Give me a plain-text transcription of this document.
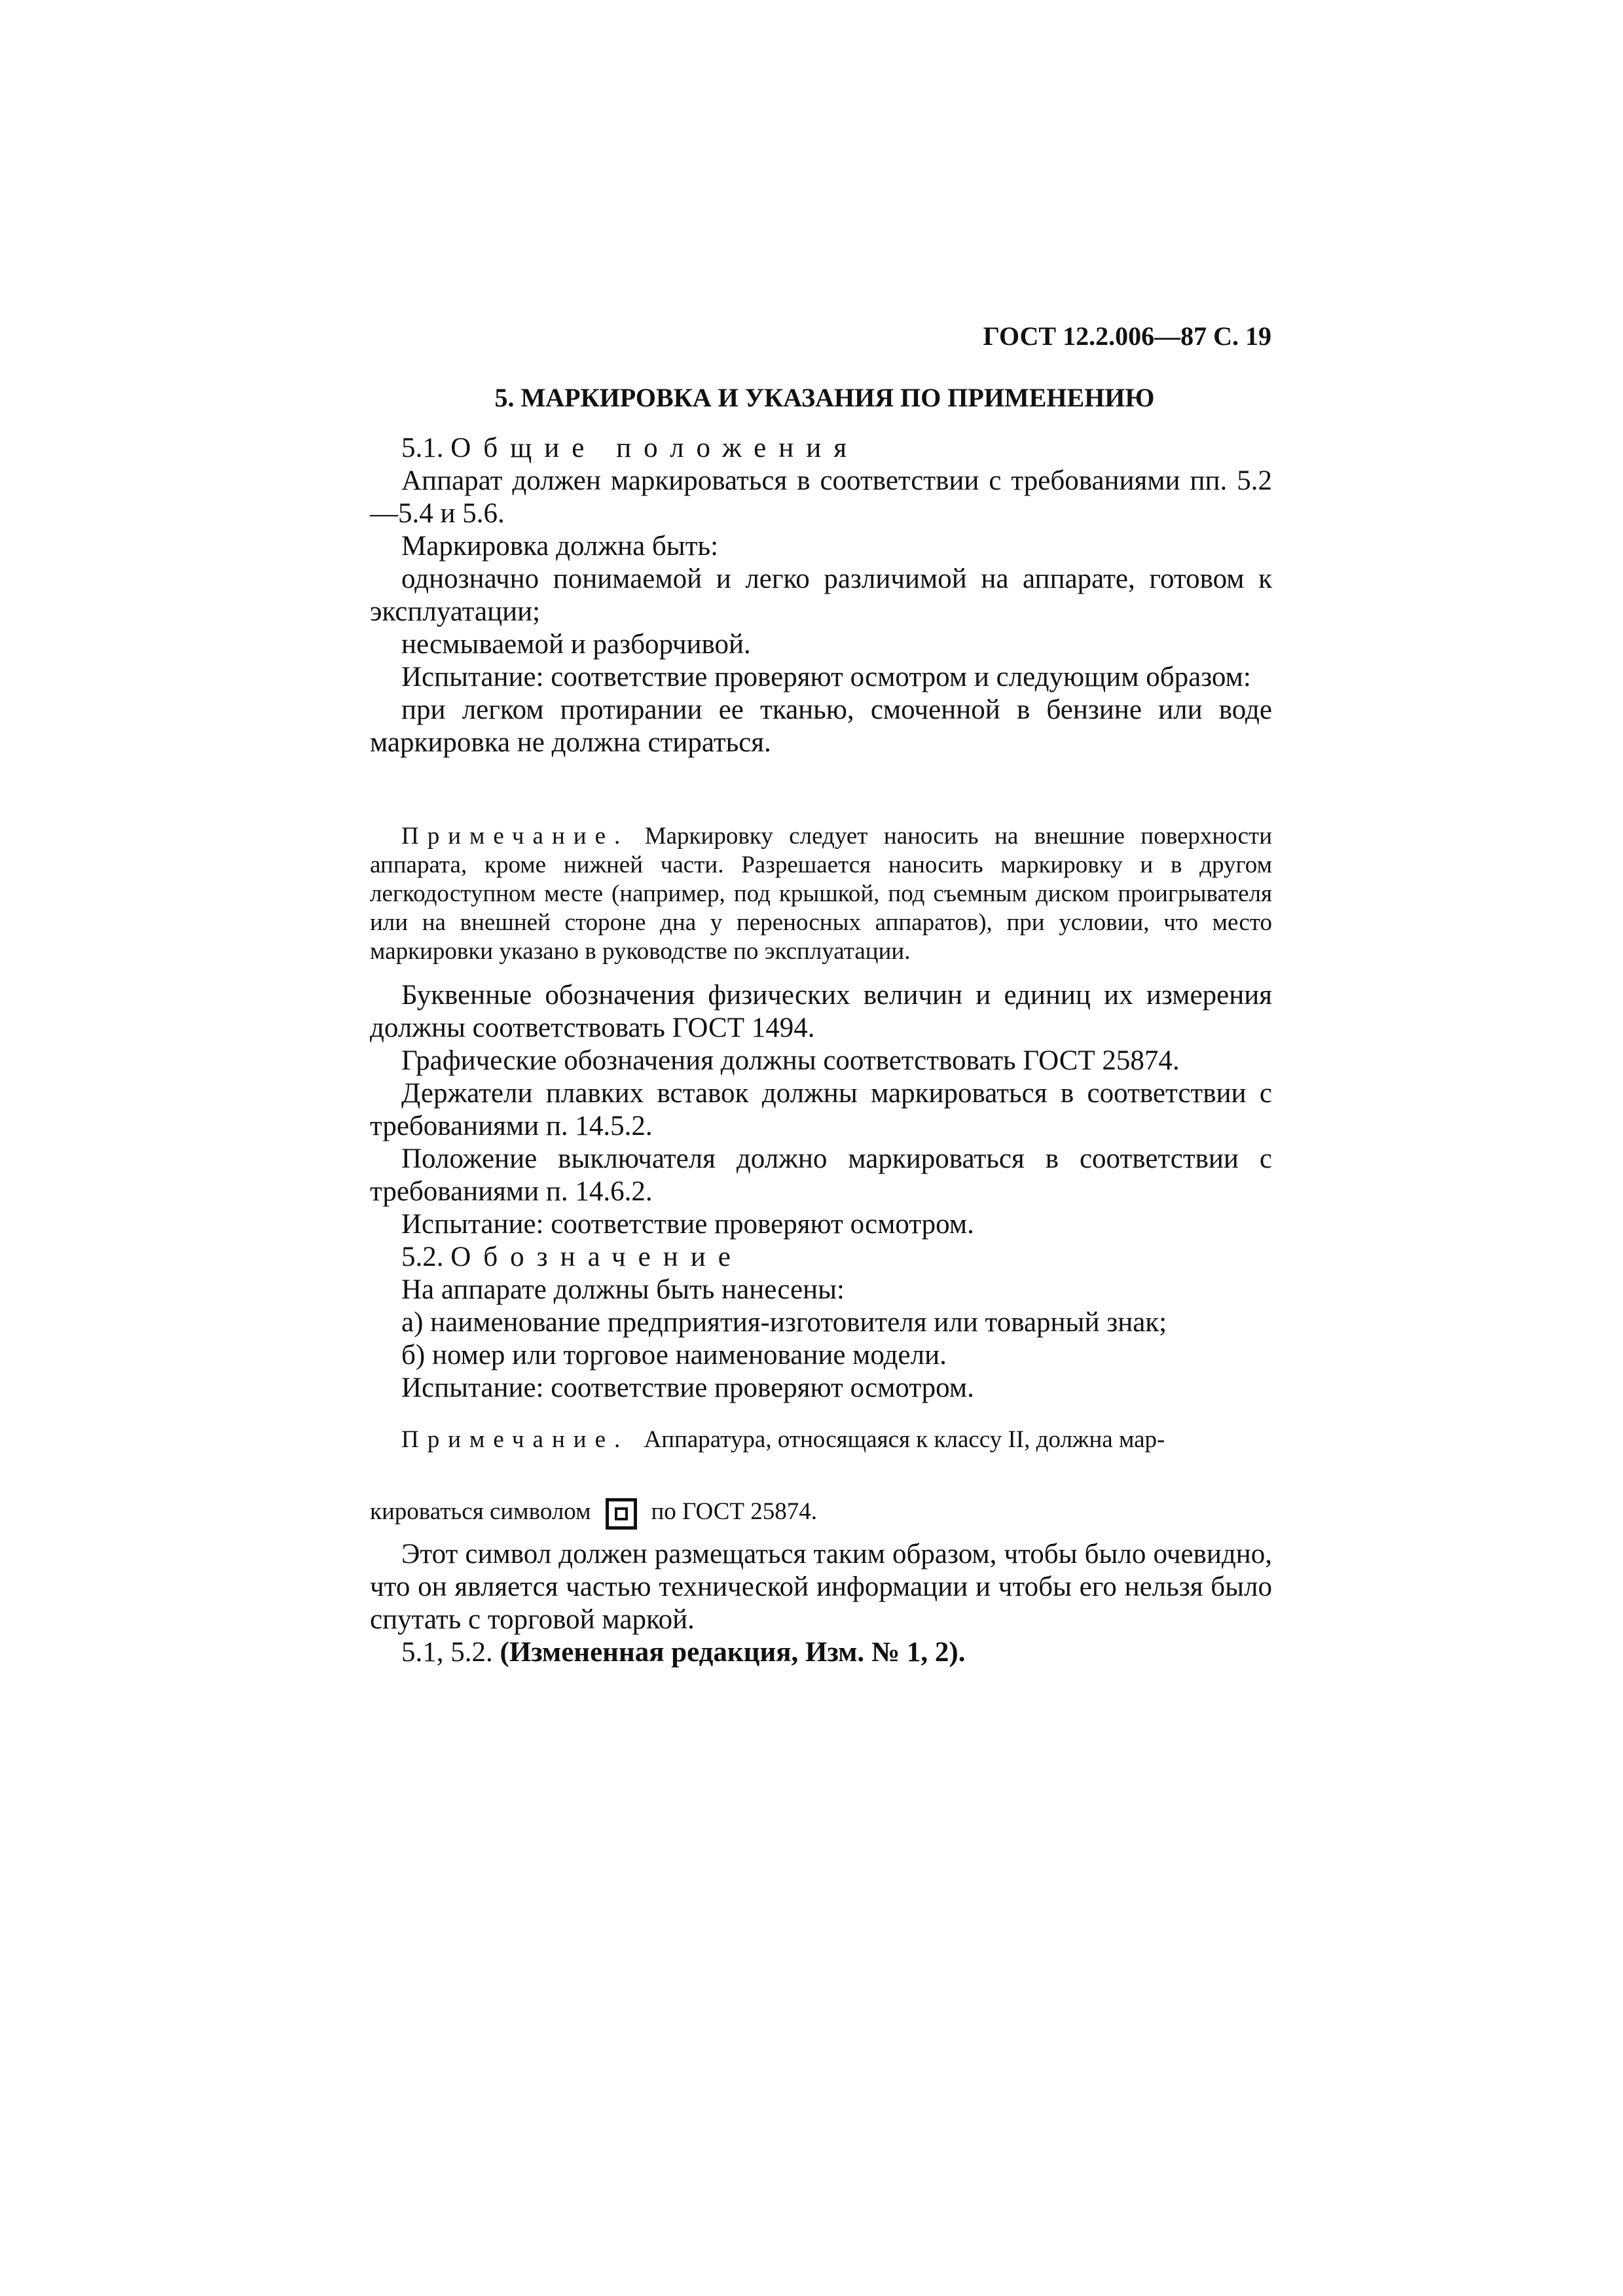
ГОСТ 12.2.006—87 С. 19
5. МАРКИРОВКА И УКАЗАНИЯ ПО ПРИМЕНЕНИЮ

5.1. Общие положения

Аппарат должен маркироваться в соответствии с требованиями пп. 5.2—5.4 и 5.6.

Маркировка должна быть:

однозначно понимаемой и легко различимой на аппарате, готовом к эксплуатации;

несмываемой и разборчивой.

Испытание: соответствие проверяют осмотром и следующим образом:

при легком протирании ее тканью, смоченной в бензине или воде маркировка не должна стираться.

Примечание. Маркировку следует наносить на внешние поверхности аппарата, кроме нижней части. Разрешается наносить маркировку и в другом легкодоступном месте (например, под крышкой, под съемным диском проигрывателя или на внешней стороне дна у переносных аппаратов), при условии, что место маркировки указано в руководстве по эксплуатации.

Буквенные обозначения физических величин и единиц их измерения должны соответствовать ГОСТ 1494.

Графические обозначения должны соответствовать ГОСТ 25874.

Держатели плавких вставок должны маркироваться в соответствии с требованиями п. 14.5.2.

Положение выключателя должно маркироваться в соответствии с требованиями п. 14.6.2.

Испытание: соответствие проверяют осмотром.

5.2. Обозначение

На аппарате должны быть нанесены:

а) наименование предприятия-изготовителя или товарный знак;

б) номер или торговое наименование модели.

Испытание: соответствие проверяют осмотром.

Примечание. Аппаратура, относящаяся к классу II, должна мар-

кироваться символом по ГОСТ 25874.

Этот символ должен размещаться таким образом, чтобы было очевидно, что он является частью технической информации и чтобы его нельзя было спутать с торговой маркой.

5.1, 5.2. (Измененная редакция, Изм. № 1, 2).
